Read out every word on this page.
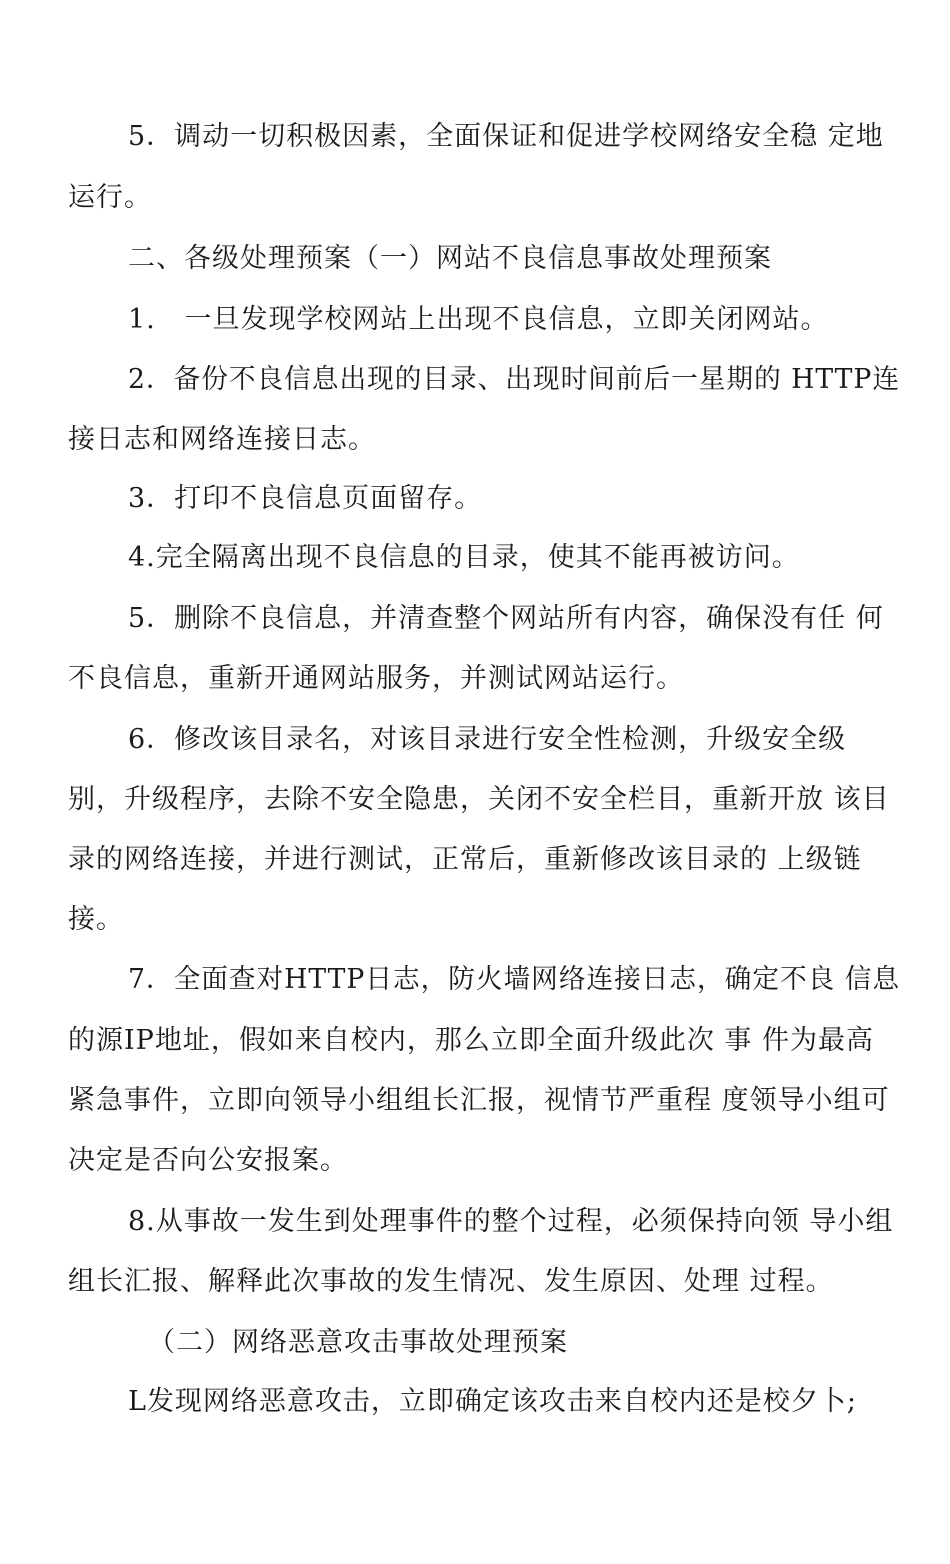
5．调动一切积极因素，全面保证和促进学校网络安全稳 定地
运行。
二、各级处理预案（一）网站不良信息事故处理预案
1.   一旦发现学校网站上出现不良信息，立即关闭网站。
2．备份不良信息出现的目录、出现时间前后一星期的 HTTP连
接日志和网络连接日志。
3．打印不良信息页面留存。
4.完全隔离出现不良信息的目录，使其不能再被访问。
5．删除不良信息，并清查整个网站所有内容，确保没有任 何
不良信息，重新开通网站服务，并测试网站运行。
6．修改该目录名，对该目录进行安全性检测，升级安全级
别，升级程序，去除不安全隐患，关闭不安全栏目，重新开放 该目
录的网络连接，并进行测试，正常后，重新修改该目录的 上级链
接。
7．全面查对HTTP日志，防火墙网络连接日志，确定不良 信息
的源IP地址，假如来自校内，那么立即全面升级此次 事 件为最高
紧急事件，立即向领导小组组长汇报，视情节严重程 度领导小组可
决定是否向公安报案。
8.从事故一发生到处理事件的整个过程，必须保持向领 导小组
组长汇报、解释此次事故的发生情况、发生原因、处理 过程。
（二）网络恶意攻击事故处理预案
L发现网络恶意攻击，立即确定该攻击来自校内还是校夕卜;
